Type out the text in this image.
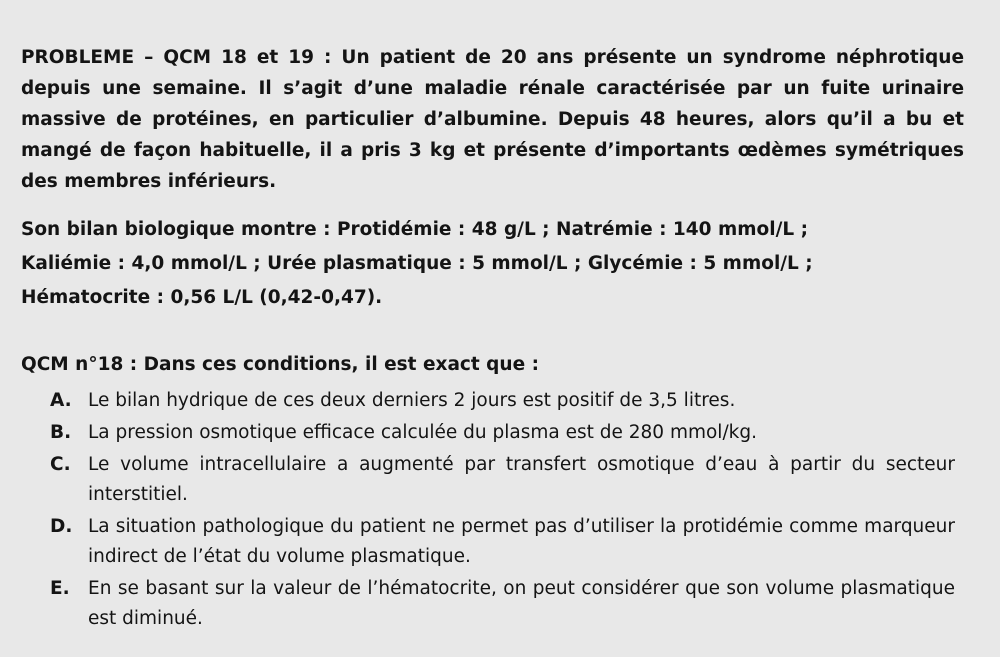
PROBLEME – QCM 18 et 19 : Un patient de 20 ans présente un syndrome néphrotique depuis une semaine. Il s’agit d’une maladie rénale caractérisée par un fuite urinaire massive de protéines, en particulier d’albumine. Depuis 48 heures, alors qu’il a bu et mangé de façon habituelle, il a pris 3 kg et présente d’importants œdèmes symétriques des membres inférieurs.
Son bilan biologique montre : Protidémie : 48 g/L ; Natrémie : 140 mmol/L ;
Kaliémie : 4,0 mmol/L ; Urée plasmatique : 5 mmol/L ; Glycémie : 5 mmol/L ;
Hématocrite : 0,56 L/L (0,42-0,47).
QCM n°18 : Dans ces conditions, il est exact que :
A. Le bilan hydrique de ces deux derniers 2 jours est positif de 3,5 litres.
B. La pression osmotique efficace calculée du plasma est de 280 mmol/kg.
C. Le volume intracellulaire a augmenté par transfert osmotique d’eau à partir du secteur interstitiel.
D. La situation pathologique du patient ne permet pas d’utiliser la protidémie comme marqueur indirect de l’état du volume plasmatique.
E. En se basant sur la valeur de l’hématocrite, on peut considérer que son volume plasmatique est diminué.
